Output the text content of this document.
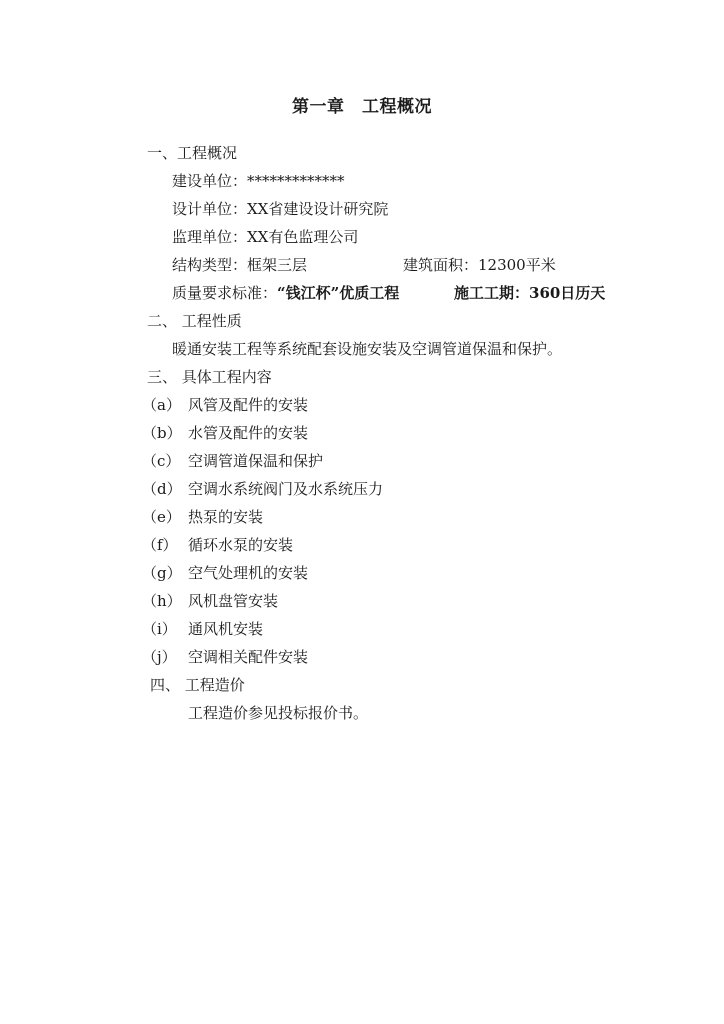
第一章　工程概况
一、工程概况
建设单位：*************
设计单位：XX省建设设计研究院
监理单位：XX有色监理公司
结构类型：框架三层	建筑面积：12300平米
质量要求标准：“钱江杯”优质工程	施工工期：360日历天
二、 工程性质
暖通安装工程等系统配套设施安装及空调管道保温和保护。
三、 具体工程内容
（a） 风管及配件的安装
（b） 水管及配件的安装
（c） 空调管道保温和保护
（d） 空调水系统阀门及水系统压力
（e） 热泵的安装
（f） 循环水泵的安装
（g） 空气处理机的安装
（h） 风机盘管安装
（i） 通风机安装
（j） 空调相关配件安装
四、 工程造价
工程造价参见投标报价书。
